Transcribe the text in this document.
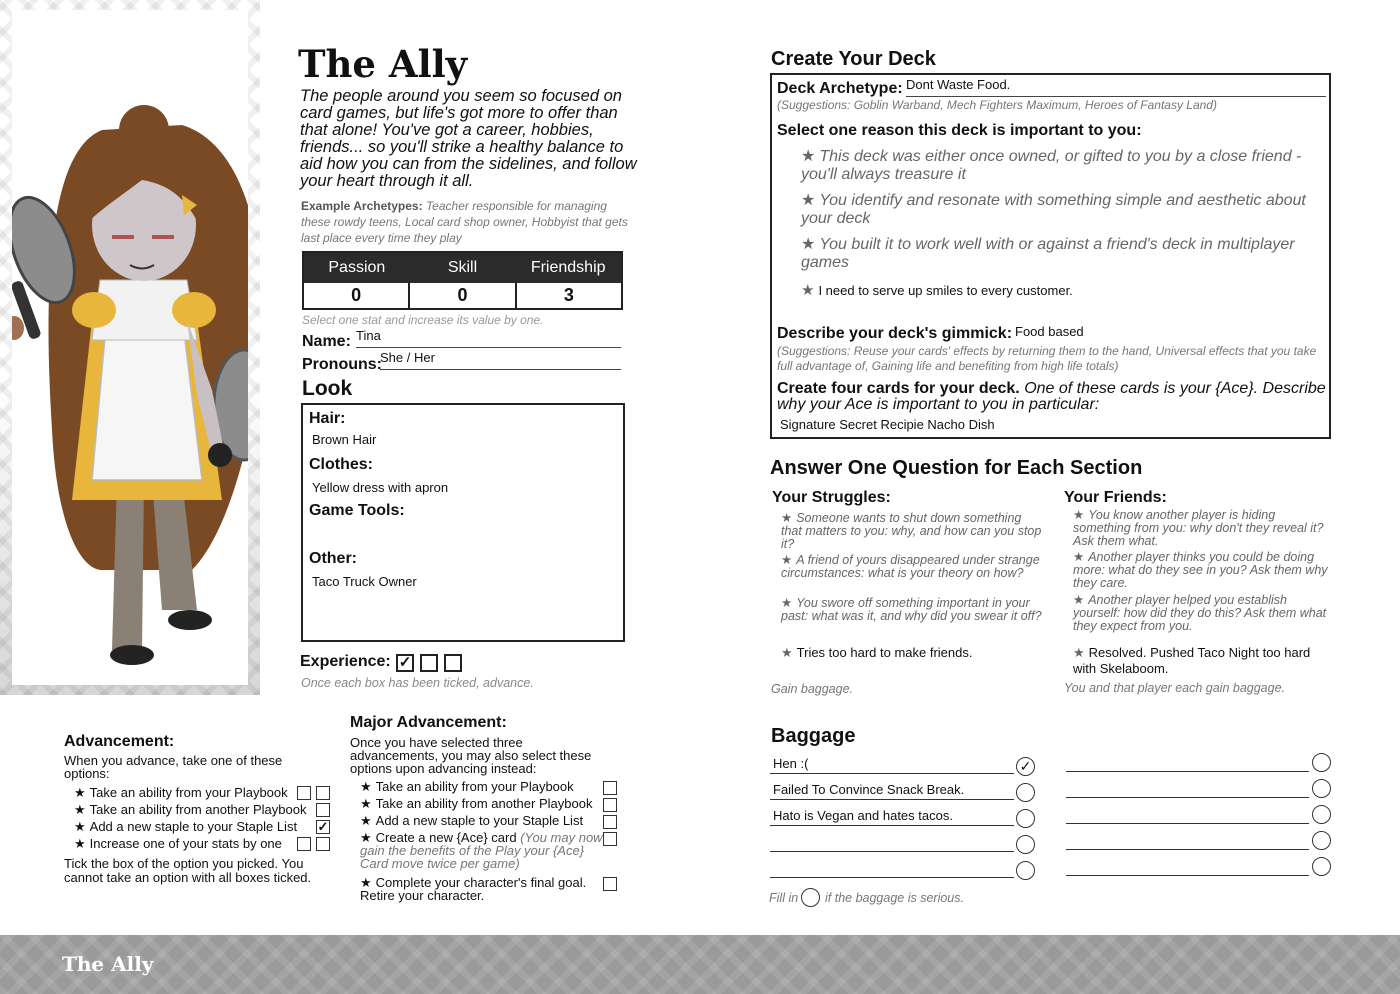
The Ally
The people around you seem so focused on card games, but life's got more to offer than that alone! You've got a career, hobbies, friends... so you'll strike a healthy balance to aid how you can from the sidelines, and follow your heart through it all.
Example Archetypes: Teacher responsible for managing these rowdy teens, Local card shop owner, Hobbyist that gets last place every time they play
Passion	Skill	Friendship
0	0	3
Select one stat and increase its value by one.
Name: Tina
Pronouns:
She / Her
Look
Hair:
Brown Hair
Clothes:
Yellow dress with apron
Game Tools:
Other:
Taco Truck Owner
Experience: ✓
Once each box has been ticked, advance.
Advancement:
When you advance, take one of these options:
★ Take an ability from your Playbook
★ Take an ability from another Playbook
★ Add a new staple to your Staple List ✓
★ Increase one of your stats by one
Tick the box of the option you picked. You cannot take an option with all boxes ticked.
Major Advancement:
Once you have selected three advancements, you may also select these options upon advancing instead:
★ Take an ability from your Playbook
★ Take an ability from another Playbook
★ Add a new staple to your Staple List
★ Create a new {Ace} card (You may now gain the benefits of the Play your {Ace} Card move twice per game)
★ Complete your character's final goal. Retire your character.
Create Your Deck
Deck Archetype: Dont Waste Food.
(Suggestions: Goblin Warband, Mech Fighters Maximum, Heroes of Fantasy Land)
Select one reason this deck is important to you:
★ This deck was either once owned, or gifted to you by a close friend - you'll always treasure it
★ You identify and resonate with something simple and aesthetic about your deck
★ You built it to work well with or against a friend's deck in multiplayer games
★ I need to serve up smiles to every customer.
Describe your deck's gimmick: Food based
(Suggestions: Reuse your cards' effects by returning them to the hand, Universal effects that you take full advantage of, Gaining life and benefiting from high life totals)
Create four cards for your deck. One of these cards is your {Ace}. Describe why your Ace is important to you in particular:
Signature Secret Recipie Nacho Dish
Answer One Question for Each Section
Your Struggles:
★ Someone wants to shut down something that matters to you: why, and how can you stop it?
★ A friend of yours disappeared under strange circumstances: what is your theory on how?
★ You swore off something important in your past: what was it, and why did you swear it off?
★ Tries too hard to make friends.
Gain baggage.
Your Friends:
★ You know another player is hiding something from you: why don't they reveal it? Ask them what.
★ Another player thinks you could be doing more: what do they see in you? Ask them why they care.
★ Another player helped you establish yourself: how did they do this? Ask them what they expect from you.
★ Resolved. Pushed Taco Night too hard with Skelaboom.
You and that player each gain baggage.
Baggage
Hen :(	✓
Failed To Convince Snack Break.
Hato is Vegan and hates tacos.
Fill in if the baggage is serious.
The Ally
